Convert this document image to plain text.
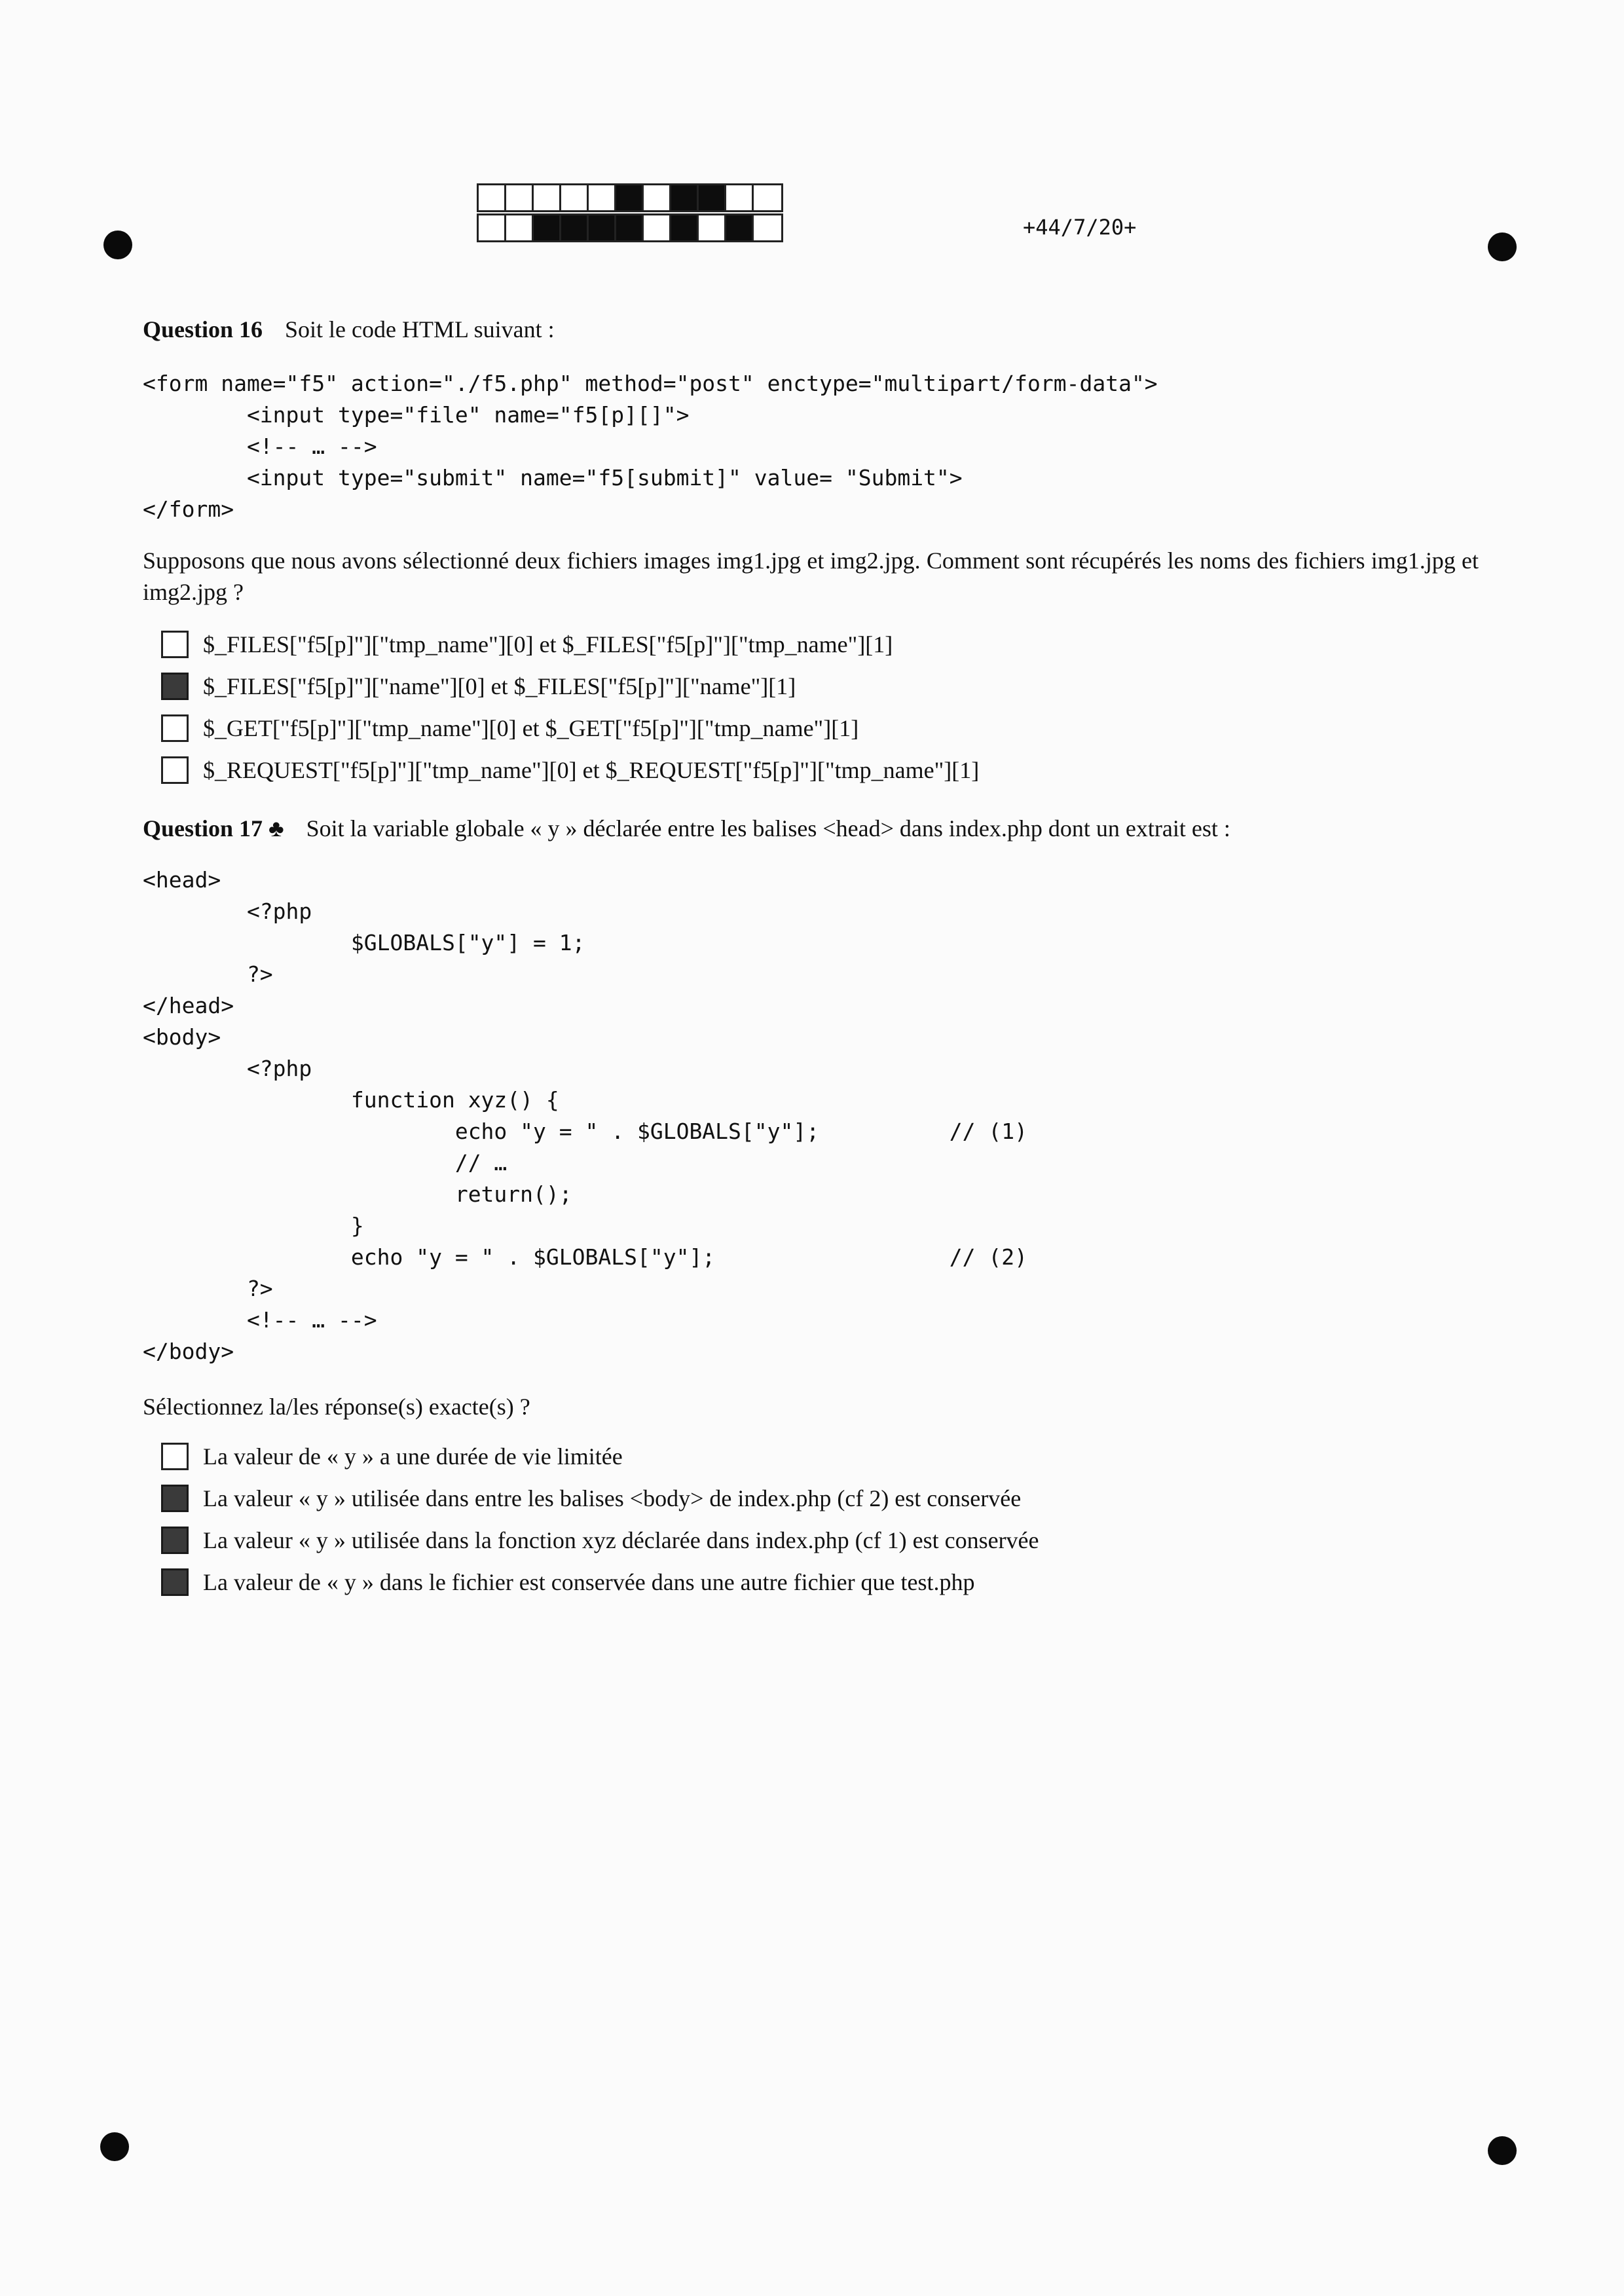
+44/7/20+
Question 16 Soit le code HTML suivant :
<form name="f5" action="./f5.php" method="post" enctype="multipart/form-data">
<input type="file" name="f5[p][]">
<!-- … -->
<input type="submit" name="f5[submit]" value= "Submit">
</form>
Supposons que nous avons sélectionné deux fichiers images img1.jpg et img2.jpg. Comment sont récupérés les noms des fichiers img1.jpg et img2.jpg ?
$_FILES["f5[p]"]["tmp_name"][0] et $_FILES["f5[p]"]["tmp_name"][1]
$_FILES["f5[p]"]["name"][0] et $_FILES["f5[p]"]["name"][1]
$_GET["f5[p]"]["tmp_name"][0] et $_GET["f5[p]"]["tmp_name"][1]
$_REQUEST["f5[p]"]["tmp_name"][0] et $_REQUEST["f5[p]"]["tmp_name"][1]
Question 17 ♣ Soit la variable globale « y » déclarée entre les balises <head> dans index.php dont un extrait est :
<head>
<?php
$GLOBALS["y"] = 1;
?>
</head>
<body>
<?php
function xyz() {
echo "y = " . $GLOBALS["y"];          // (1)
// …
return();
}
echo "y = " . $GLOBALS["y"];                  // (2)
?>
<!-- … -->
</body>
Sélectionnez la/les réponse(s) exacte(s) ?
La valeur de « y » a une durée de vie limitée
La valeur « y » utilisée dans entre les balises <body> de index.php (cf 2) est conservée
La valeur « y » utilisée dans la fonction xyz déclarée dans index.php (cf 1) est conservée
La valeur de « y » dans le fichier est conservée dans une autre fichier que test.php
